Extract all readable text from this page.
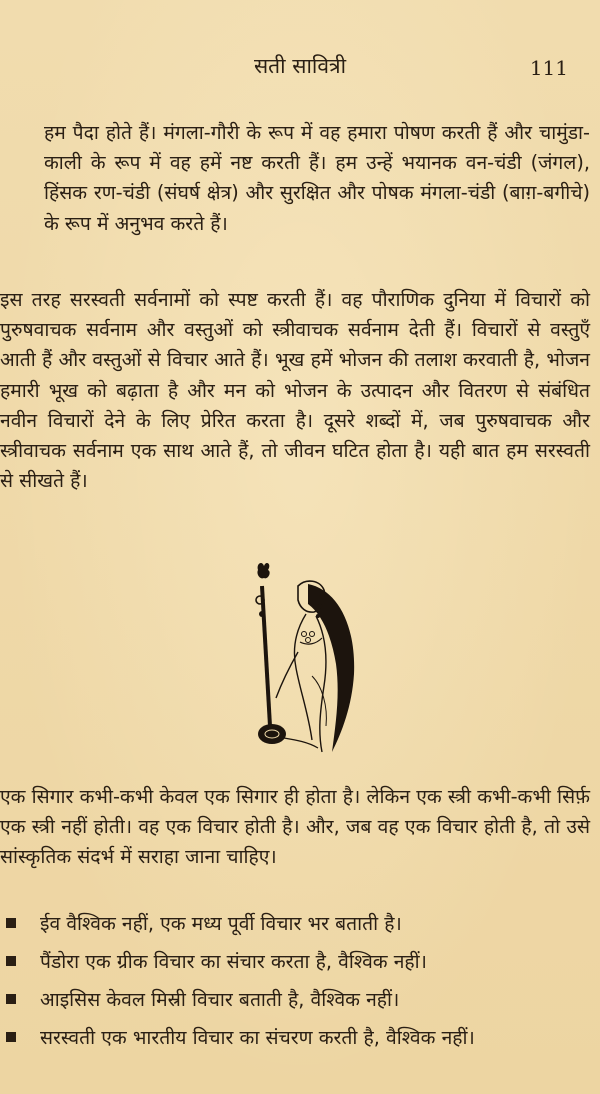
सती सावित्री	111

हम पैदा होते हैं। मंगला-गौरी के रूप में वह हमारा पोषण करती हैं और चामुंडा-काली के रूप में वह हमें नष्ट करती हैं। हम उन्हें भयानक वन-चंडी (जंगल), हिंसक रण-चंडी (संघर्ष क्षेत्र) और सुरक्षित और पोषक मंगला-चंडी (बाग़-बगीचे) के रूप में अनुभव करते हैं।

इस तरह सरस्वती सर्वनामों को स्पष्ट करती हैं। वह पौराणिक दुनिया में विचारों को पुरुषवाचक सर्वनाम और वस्तुओं को स्त्रीवाचक सर्वनाम देती हैं। विचारों से वस्तुएँ आती हैं और वस्तुओं से विचार आते हैं। भूख हमें भोजन की तलाश करवाती है, भोजन हमारी भूख को बढ़ाता है और मन को भोजन के उत्पादन और वितरण से संबंधित नवीन विचारों देने के लिए प्रेरित करता है। दूसरे शब्दों में, जब पुरुषवाचक और स्त्रीवाचक सर्वनाम एक साथ आते हैं, तो जीवन घटित होता है। यही बात हम सरस्वती से सीखते हैं।

एक सिगार कभी-कभी केवल एक सिगार ही होता है। लेकिन एक स्त्री कभी-कभी सिर्फ़ एक स्त्री नहीं होती। वह एक विचार होती है। और, जब वह एक विचार होती है, तो उसे सांस्कृतिक संदर्भ में सराहा जाना चाहिए।

ईव वैश्विक नहीं, एक मध्य पूर्वी विचार भर बताती है।
पैंडोरा एक ग्रीक विचार का संचार करता है, वैश्विक नहीं।
आइसिस केवल मिस्री विचार बताती है, वैश्विक नहीं।
सरस्वती एक भारतीय विचार का संचरण करती है, वैश्विक नहीं।
